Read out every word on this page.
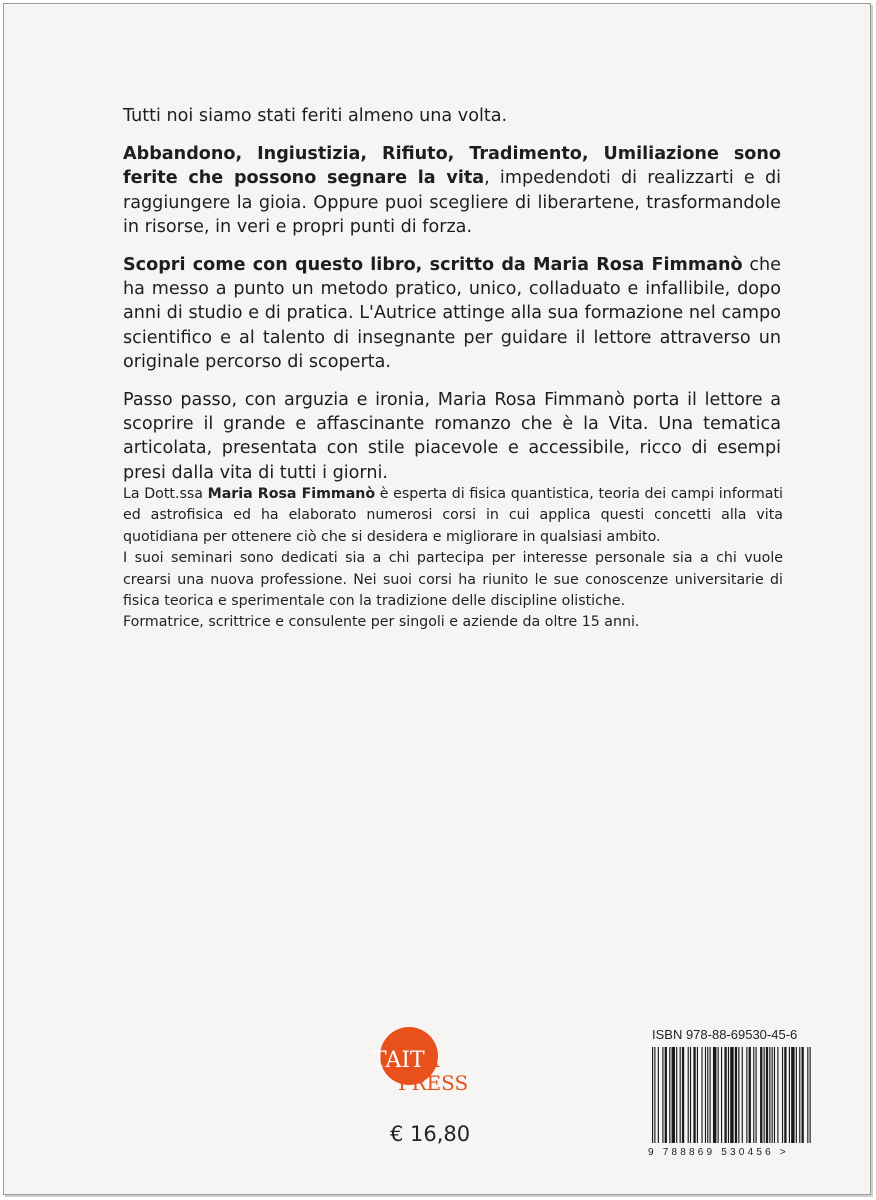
Tutti noi siamo stati feriti almeno una volta.

Abbandono, Ingiustizia, Rifiuto, Tradimento, Umiliazione sono ferite che possono segnare la vita, impedendoti di realizzarti e di raggiungere la gioia. Oppure puoi scegliere di liberartene, trasformandole in risorse, in veri e propri punti di forza.

Scopri come con questo libro, scritto da Maria Rosa Fimmanò che ha messo a punto un metodo pratico, unico, colladuato e infallibile, dopo anni di studio e di pratica. L'Autrice attinge alla sua formazione nel campo scientifico e al talento di insegnante per guidare il lettore attraverso un originale percorso di scoperta.

Passo passo, con arguzia e ironia, Maria Rosa Fimmanò porta il lettore a scoprire il grande e affascinante romanzo che è la Vita. Una tematica articolata, presentata con stile piacevole e accessibile, ricco di esempi presi dalla vita di tutti i giorni.

La Dott.ssa Maria Rosa Fimmanò è esperta di fisica quantistica, teoria dei campi informati ed astrofisica ed ha elaborato numerosi corsi in cui applica questi concetti alla vita quotidiana per ottenere ciò che si desidera e migliorare in qualsiasi ambito.

I suoi seminari sono dedicati sia a chi partecipa per interesse personale sia a chi vuole crearsi una nuova professione. Nei suoi corsi ha riunito le sue conoscenze universitarie di fisica teorica e sperimentale con la tradizione delle discipline olistiche.

Formatrice, scrittrice e consulente per singoli e aziende da oltre 15 anni.

TAITA
PRESS
€ 16,80
ISBN 978-88-69530-45-6
9 788869 530456 >
